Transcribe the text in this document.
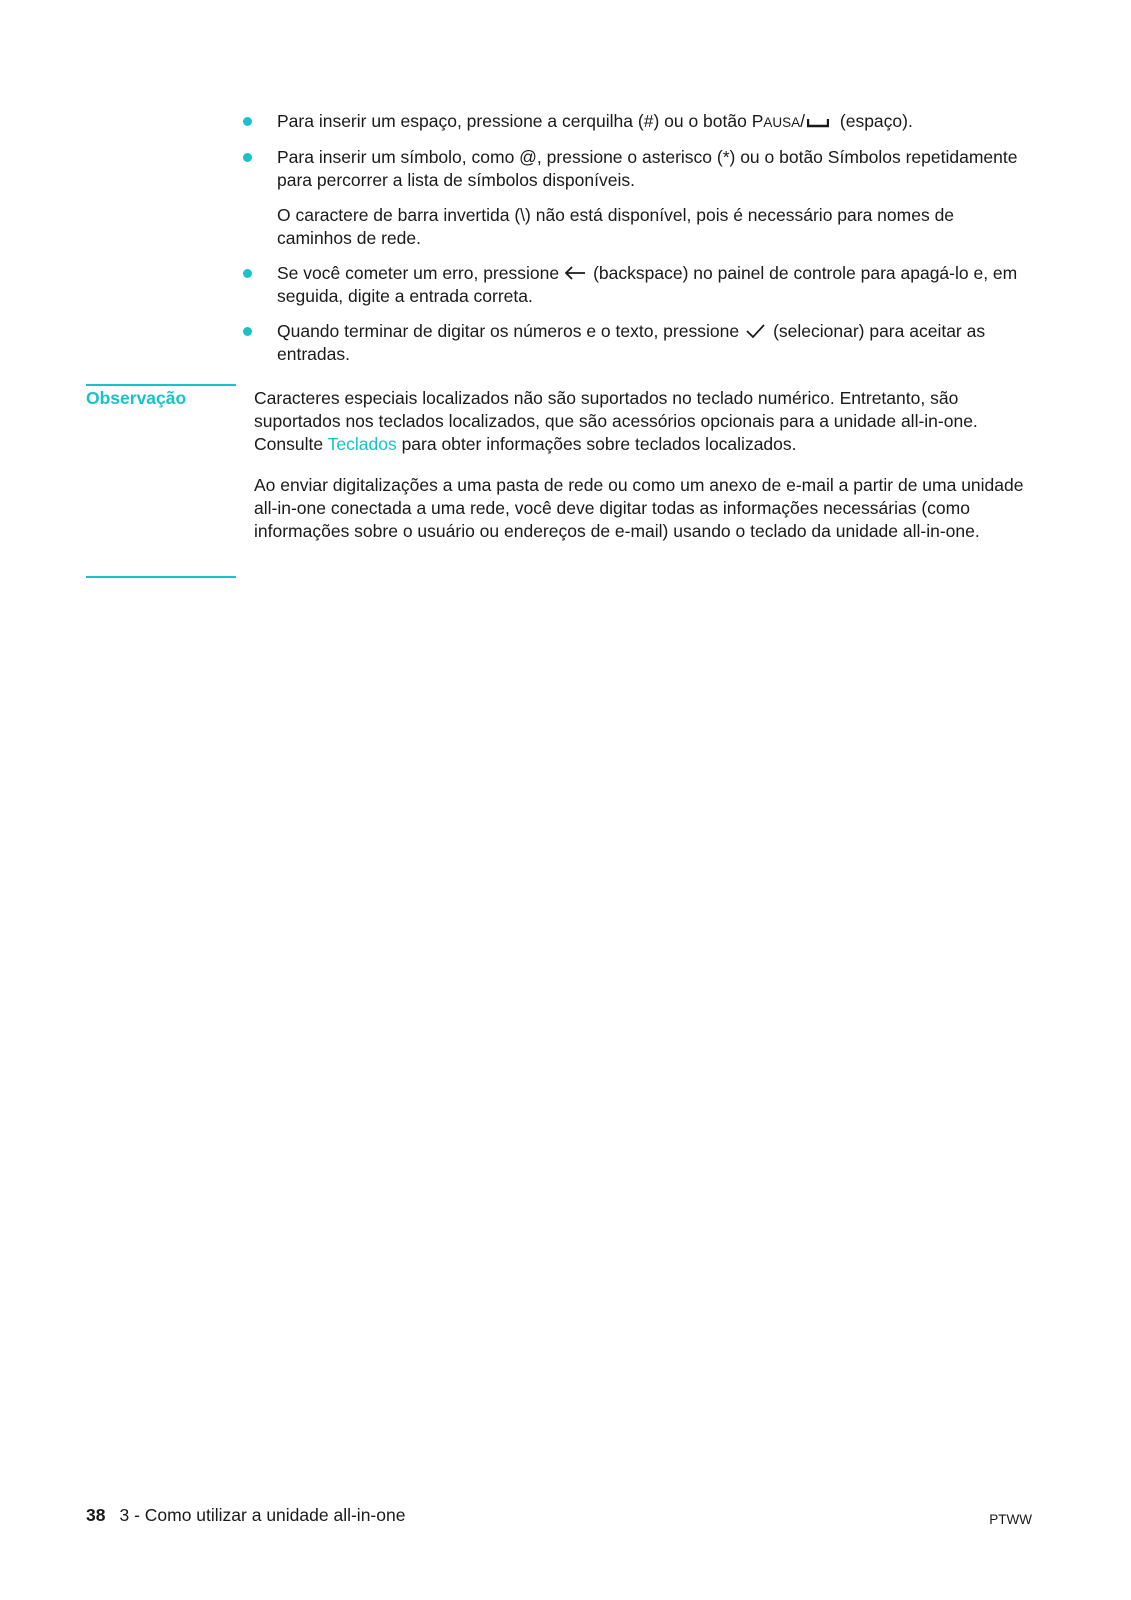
Para inserir um espaço, pressione a cerquilha (#) ou o botão PAUSA/
(espaço).
Para inserir um símbolo, como @, pressione o asterisco (*) ou o botão Símbolos repetidamente para percorrer a lista de símbolos disponíveis.
O caractere de barra invertida (\) não está disponível, pois é necessário para nomes de caminhos de rede.
Se você cometer um erro, pressione (backspace) no painel de controle para apagá-lo e, em seguida, digite a entrada correta.
Quando terminar de digitar os números e o texto, pressione (selecionar) para aceitar as entradas.
Observação	Caracteres especiais localizados não são suportados no teclado numérico. Entretanto, são suportados nos teclados localizados, que são acessórios opcionais para a unidade all-in-one. Consulte Teclados para obter informações sobre teclados localizados.

Ao enviar digitalizações a uma pasta de rede ou como um anexo de e-mail a partir de uma unidade all-in-one conectada a uma rede, você deve digitar todas as informações necessárias (como informações sobre o usuário ou endereços de e-mail) usando o teclado da unidade all-in-one.

38 3 - Como utilizar a unidade all-in-one	PTWW
